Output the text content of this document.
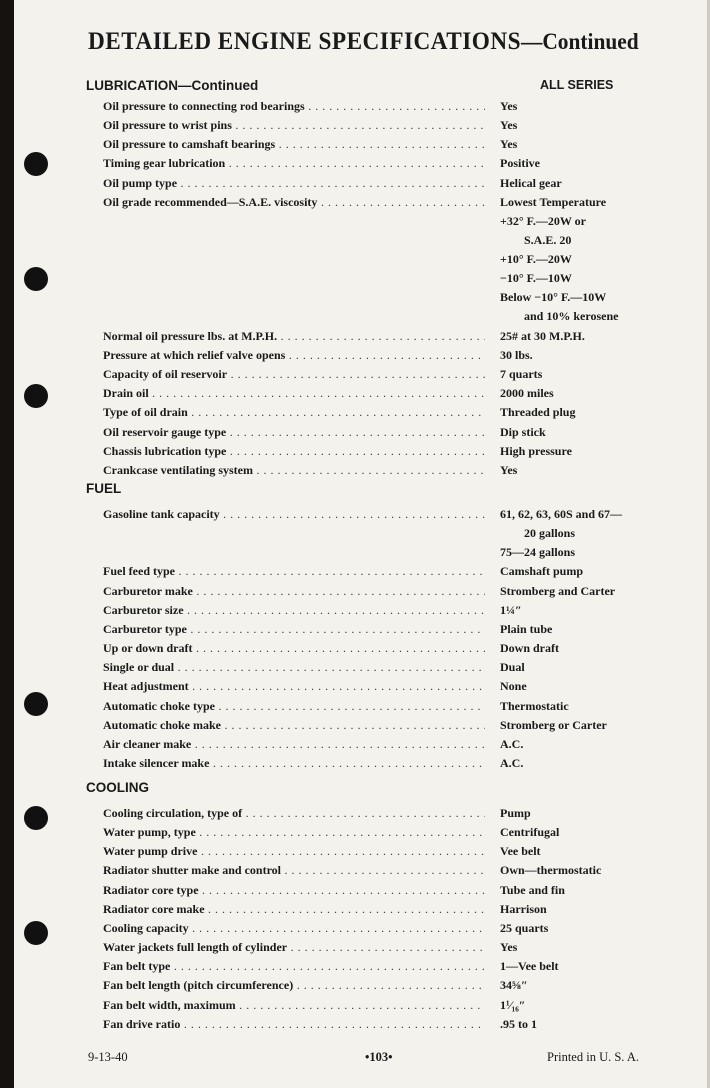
DETAILED ENGINE SPECIFICATIONS—Continued
ALL SERIES
LUBRICATION—Continued
Oil pressure to connecting rod bearings . . .	Yes
Oil pressure to wrist pins . . .	Yes
Oil pressure to camshaft bearings . . .	Yes
Timing gear lubrication . . .	Positive
Oil pump type . . .	Helical gear
Oil grade recommended—S.A.E. viscosity . . .	Lowest Temperature
+32° F.—20W or
S.A.E. 20
+10° F.—20W
−10° F.—10W
Below −10° F.—10W
and 10% kerosene
Normal oil pressure lbs. at M.P.H. . . .	25# at 30 M.P.H.
Pressure at which relief valve opens . . .	30 lbs.
Capacity of oil reservoir . . .	7 quarts
Drain oil . . .	2000 miles
Type of oil drain . . .	Threaded plug
Oil reservoir gauge type . . .	Dip stick
Chassis lubrication type . . .	High pressure
Crankcase ventilating system . . .	Yes
FUEL
Gasoline tank capacity . . .	61, 62, 63, 60S and 67—
20 gallons
75—24 gallons
Fuel feed type . . .	Camshaft pump
Carburetor make . . .	Stromberg and Carter
Carburetor size . . .	1¼″
Carburetor type . . .	Plain tube
Up or down draft . . .	Down draft
Single or dual . . .	Dual
Heat adjustment . . .	None
Automatic choke type . . .	Thermostatic
Automatic choke make . . .	Stromberg or Carter
Air cleaner make . . .	A.C.
Intake silencer make . . .	A.C.
COOLING
Cooling circulation, type of . . .	Pump
Water pump, type . . .	Centrifugal
Water pump drive . . .	Vee belt
Radiator shutter make and control . . .	Own—thermostatic
Radiator core type . . .	Tube and fin
Radiator core make . . .	Harrison
Cooling capacity . . .	25 quarts
Water jackets full length of cylinder . . .	Yes
Fan belt type . . .	1—Vee belt
Fan belt length (pitch circumference) . . .	34⅝″
Fan belt width, maximum . . .	1¹⁄₁₆″
Fan drive ratio . . .	.95 to 1
9-13-40	•103•	Printed in U. S. A.
